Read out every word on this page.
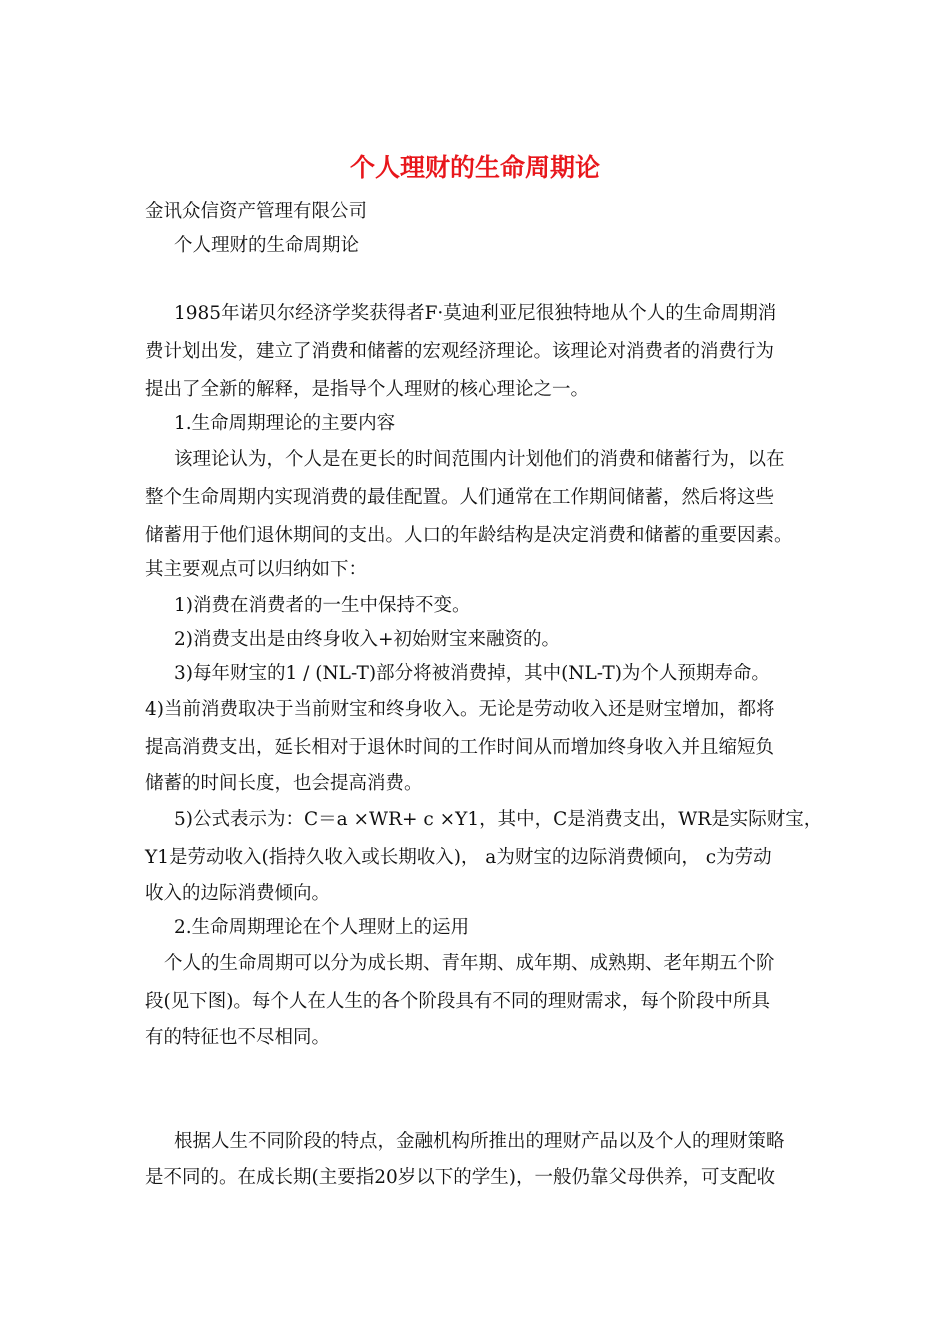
个人理财的生命周期论
金讯众信资产管理有限公司
个人理财的生命周期论
1985年诺贝尔经济学奖获得者F·莫迪利亚尼很独特地从个人的生命周期消
费计划出发，建立了消费和储蓄的宏观经济理论。该理论对消费者的消费行为
提出了全新的解释，是指导个人理财的核心理论之一。
1.生命周期理论的主要内容
该理论认为，个人是在更长的时间范围内计划他们的消费和储蓄行为，以在
整个生命周期内实现消费的最佳配置。人们通常在工作期间储蓄，然后将这些
储蓄用于他们退休期间的支出。人口的年龄结构是决定消费和储蓄的重要因素。
其主要观点可以归纳如下：
1)消费在消费者的一生中保持不变。
2)消费支出是由终身收入+初始财宝来融资的。
3)每年财宝的1 / (NL-T)部分将被消费掉，其中(NL-T)为个人预期寿命。
4)当前消费取决于当前财宝和终身收入。无论是劳动收入还是财宝增加，都将
提高消费支出，延长相对于退休时间的工作时间从而增加终身收入并且缩短负
储蓄的时间长度，也会提高消费。
5)公式表示为：C＝a ×WR+ c ×Y1，其中，C是消费支出，WR是实际财宝，
Y1是劳动收入(指持久收入或长期收入)， a为财宝的边际消费倾向， c为劳动
收入的边际消费倾向。
2.生命周期理论在个人理财上的运用
个人的生命周期可以分为成长期、青年期、成年期、成熟期、老年期五个阶
段(见下图)。每个人在人生的各个阶段具有不同的理财需求，每个阶段中所具
有的特征也不尽相同。
根据人生不同阶段的特点，金融机构所推出的理财产品以及个人的理财策略
是不同的。在成长期(主要指20岁以下的学生)，一般仍靠父母供养，可支配收
